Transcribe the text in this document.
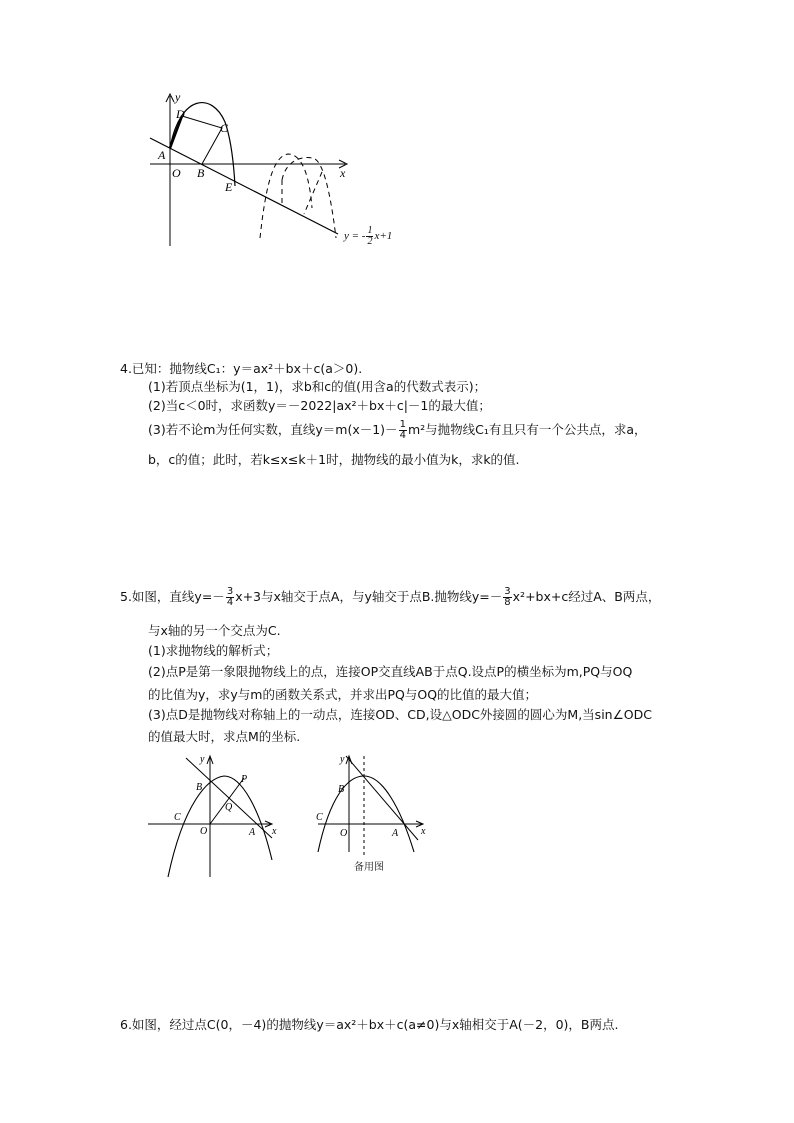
y
x
D
C
A
O B
E
y = - $\frac{1}{2} x+1$
4.已知：抛物线C₁：y＝ax²＋bx＋c(a＞0).
(1)若顶点坐标为(1，1)，求b和c的值(用含a的代数式表示)；
(2)当c＜0时，求函数y＝－2022|ax²＋bx＋c|－1的最大值；
(3)若不论m为任何实数，直线$y=m(x-1)- \frac{1}{4} m^2$与抛物线C₁有且只有一个公共点，求a，
b，c的值；此时，若k≤x≤k＋1时，抛物线的最小值为k，求k的值.
5.如图，直线$y=- \frac{3}{4} x+3$与x轴交于点A，与y轴交于点B.抛物线$y=- \frac{3}{8} x^2+bx+c$经过A、B两点，
与x轴的另一个交点为C.
(1)求抛物线的解析式；
(2)点P是第一象限抛物线上的点，连接OP交直线AB于点Q.设点P的横坐标为m,PQ与OQ
的比值为y，求y与m的函数关系式，并求出PQ与OQ的比值的最大值；
(3)点D是抛物线对称轴上的一动点，连接OD、CD,设△ODC外接圆的圆心为M,当sin∠ODC
的值最大时，求点M的坐标.
y
x
B
P
Q
C
O	A
y
x
B
C
O	A
备用图
6.如图，经过点C(0，－4)的抛物线y＝ax²＋bx＋c(a≠0)与x轴相交于A(－2，0)，B两点.
